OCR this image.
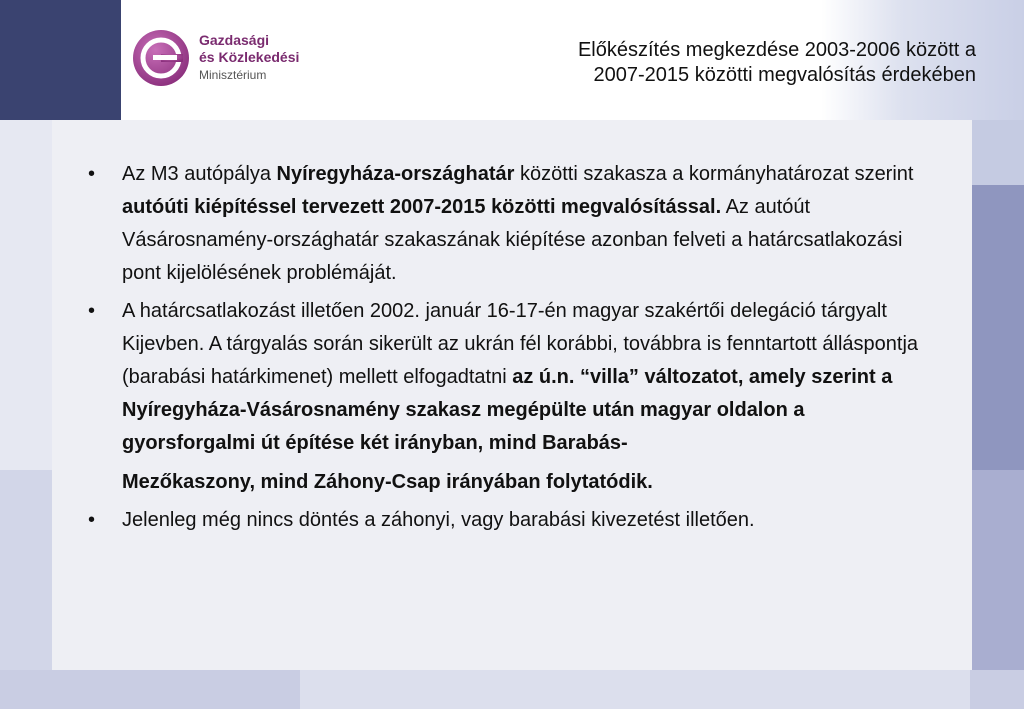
Gazdasági
és Közlekedési
Minisztérium
Előkészítés megkezdése 2003-2006 között a
2007-2015 közötti megvalósítás érdekében
• Az M3 autópálya Nyíregyháza-országhatár közötti szakasza a kormányhatározat szerint autóúti kiépítéssel tervezett 2007-2015 közötti megvalósítással. Az autóút Vásárosnamény-országhatár szakaszának kiépítése azonban felveti a határcsatlakozási pont kijelölésének problémáját.
• A határcsatlakozást illetően 2002. január 16-17-én magyar szakértői delegáció tárgyalt Kijevben. A tárgyalás során sikerült az ukrán fél korábbi, továbbra is fenntartott álláspontja (barabási határkimenet) mellett elfogadtatni az ú.n. “villa” változatot, amely szerint a Nyíregyháza-Vásárosnamény szakasz megépülte után magyar oldalon a gyorsforgalmi út építése két irányban, mind Barabás-
Mezőkaszony, mind Záhony-Csap irányában folytatódik.
• Jelenleg még nincs döntés a záhonyi, vagy barabási kivezetést illetően.
